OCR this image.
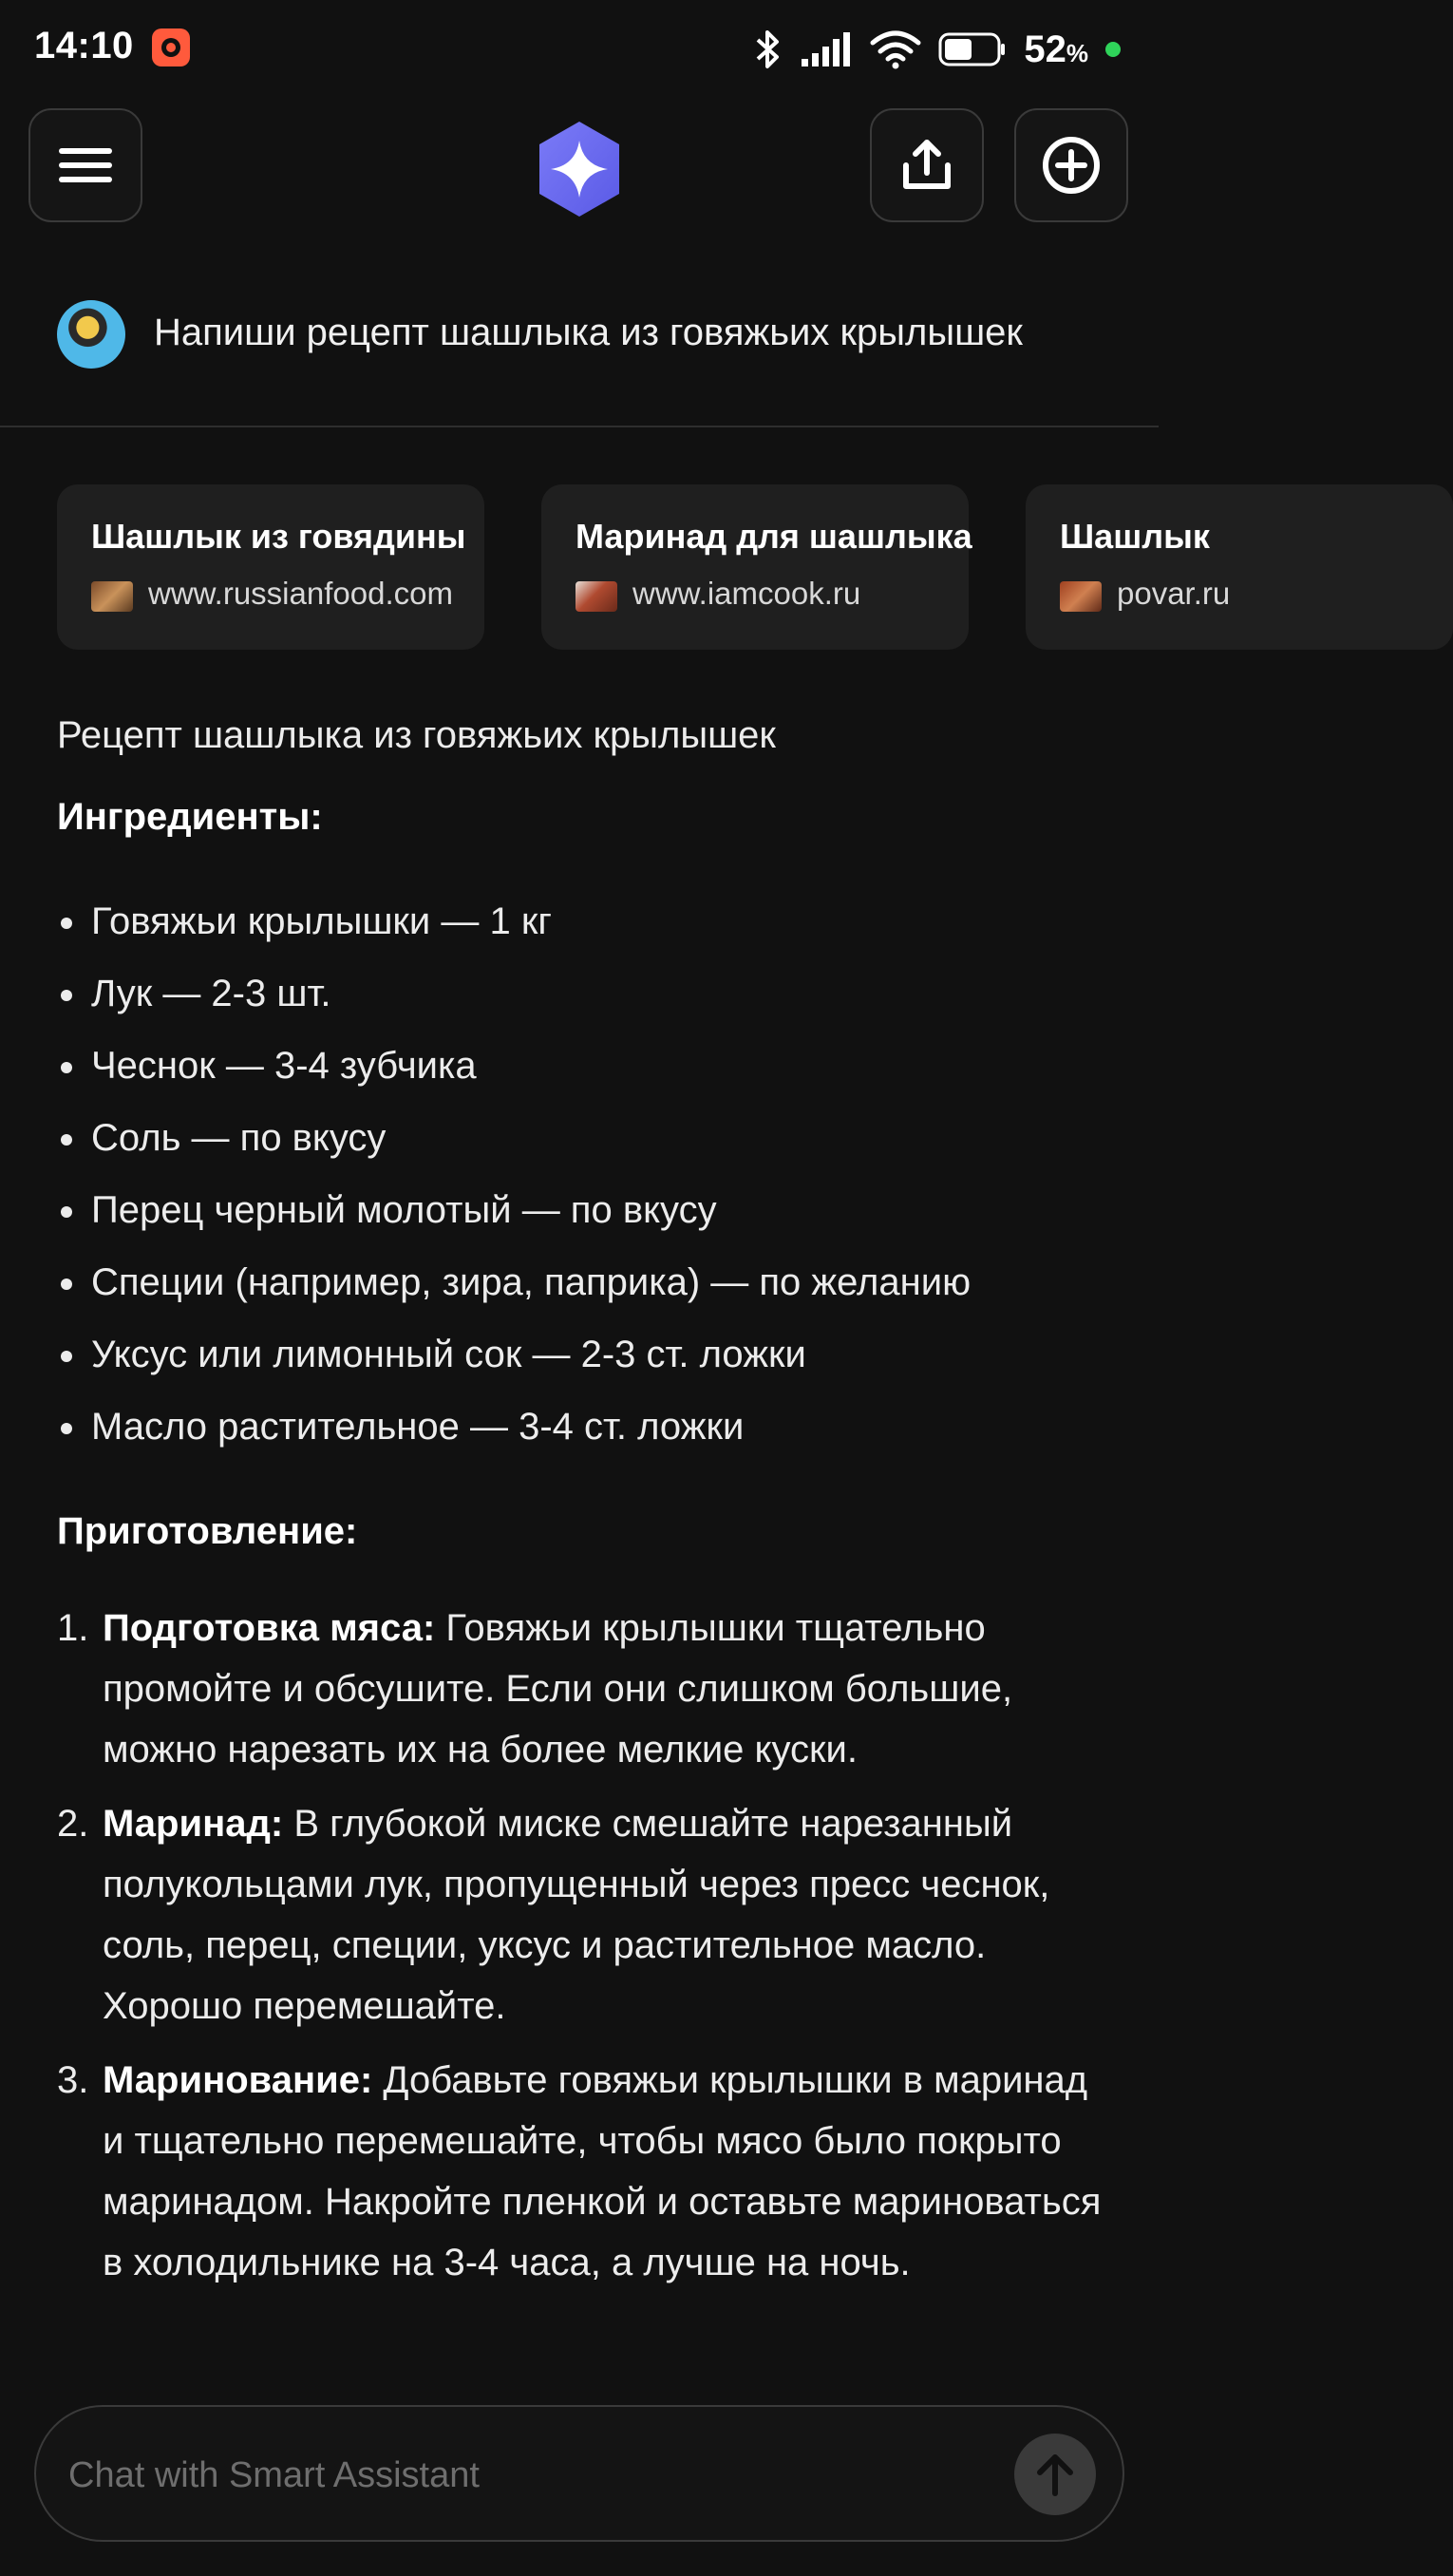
14:10	52%
Напиши рецепт шашлыка из говяжьих крылышек
Шашлык из говядины
www.russianfood.com
Маринад для шашлыка
www.iamcook.ru
Шашлык
povar.ru
Рецепт шашлыка из говяжьих крылышек
Ингредиенты:
Говяжьи крылышки — 1 кг
Лук — 2-3 шт.
Чеснок — 3-4 зубчика
Соль — по вкусу
Перец черный молотый — по вкусу
Специи (например, зира, паприка) — по желанию
Уксус или лимонный сок — 2-3 ст. ложки
Масло растительное — 3-4 ст. ложки
Приготовление:
1. Подготовка мяса: Говяжьи крылышки тщательно промойте и обсушите. Если они слишком большие, можно нарезать их на более мелкие куски.
2. Маринад: В глубокой миске смешайте нарезанный полукольцами лук, пропущенный через пресс чеснок, соль, перец, специи, уксус и растительное масло. Хорошо перемешайте.
3. Маринование: Добавьте говяжьи крылышки в маринад и тщательно перемешайте, чтобы мясо было покрыто маринадом. Накройте пленкой и оставьте мариноваться в холодильнике на 3-4 часа, а лучше на ночь.
Chat with Smart Assistant
